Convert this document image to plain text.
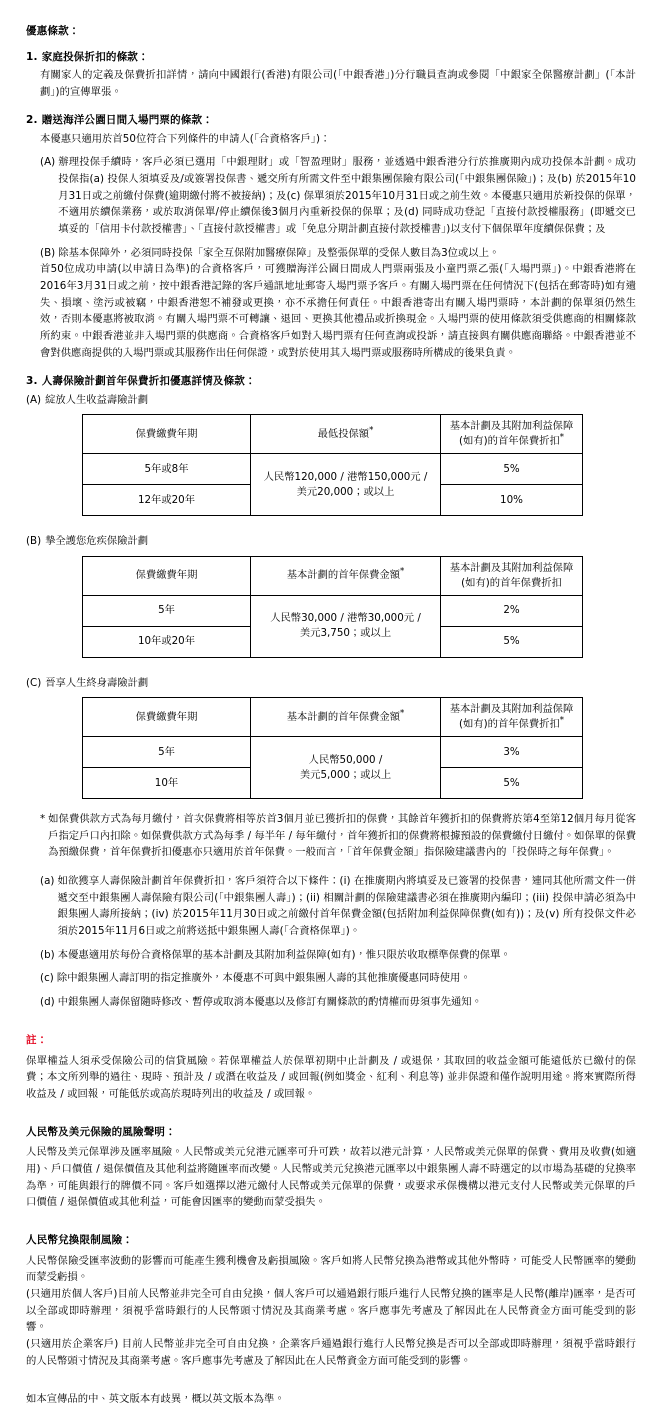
優惠條款：
1. 家庭投保折扣的條款：
有關家人的定義及保費折扣詳情，請向中國銀行(香港)有限公司(「中銀香港」)分行職員查詢或參閱「中銀家全保醫療計劃」(「本計劃」)的宣傳單張。
2. 贈送海洋公園日間入場門票的條款：
本優惠只適用於首50位符合下列條件的申請人(「合資格客戶」)：
(A) 辦理投保手續時，客戶必須已選用「中銀理財」或「智盈理財」服務，並透過中銀香港分行於推廣期內成功投保本計劃。成功投保指(a) 投保人須填妥及/或簽署投保書、遞交所有所需文件至中銀集團保險有限公司(「中銀集團保險」)；及(b) 於2015年10月31日或之前繳付保費(逾期繳付將不被接納)；及(c) 保單須於2015年10月31日或之前生效。本優惠只適用於新投保的保單，不適用於續保業務，或於取消保單/停止續保後3個月內重新投保的保單；及(d) 同時成功登記「直接付款授權服務」(即遞交已填妥的「信用卡付款授權書」、「直接付款授權書」或「免息分期計劃直接付款授權書」)以支付下個保單年度續保保費；及
(B) 除基本保障外，必須同時投保「家全互保附加醫療保障」及整張保單的受保人數目為3位或以上。
首50位成功申請(以申請日為準)的合資格客戶，可獲贈海洋公園日間成人門票兩張及小童門票乙張(「入場門票」)。中銀香港將在2016年3月31日或之前，按中銀香港記錄的客戶通訊地址郵寄入場門票予客戶。有關入場門票在任何情況下(包括在郵寄時)如有遺失、損壞、塗污或被竊，中銀香港恕不補發或更換，亦不承擔任何責任。中銀香港寄出有關入場門票時，本計劃的保單須仍然生效，否則本優惠將被取消。有關入場門票不可轉讓、退回、更換其他禮品或折換現金。入場門票的使用條款須受供應商的相關條款所約束。中銀香港並非入場門票的供應商。合資格客戶如對入場門票有任何查詢或投訴，請直接與有關供應商聯絡。中銀香港並不會對供應商提供的入場門票或其服務作出任何保證，或對於使用其入場門票或服務時所構成的後果負責。
3. 人壽保險計劃首年保費折扣優惠詳情及條款：
(A) 綻放人生收益壽險計劃
保費繳費年期	最低投保額*	基本計劃及其附加利益保障
(如有)的首年保費折扣*
5年或8年	人民幣120,000 / 港幣150,000元 /
美元20,000；或以上	5%
12年或20年		10%
(B) 摯全護您危疾保險計劃
保費繳費年期	基本計劃的首年保費金額*	基本計劃及其附加利益保障
(如有)的首年保費折扣
5年	人民幣30,000 / 港幣30,000元 /
美元3,750；或以上	2%
10年或20年		5%
(C) 晉享人生終身壽險計劃
保費繳費年期	基本計劃的首年保費金額*	基本計劃及其附加利益保障
(如有)的首年保費折扣*
5年	人民幣50,000 /
美元5,000；或以上	3%
10年		5%
* 如保費供款方式為每月繳付，首次保費將相等於首3個月並已獲折扣的保費，其餘首年獲折扣的保費將於第4至第12個月每月從客戶指定戶口內扣除。如保費供款方式為每季 / 每半年 / 每年繳付，首年獲折扣的保費將根據預設的保費繳付日繳付。如保單的保費為預繳保費，首年保費折扣優惠亦只適用於首年保費。一般而言，「首年保費金額」指保險建議書內的「投保時之每年保費」。
(a) 如欲獲享人壽保險計劃首年保費折扣，客戶須符合以下條件：(i) 在推廣期內將填妥及已簽署的投保書，連同其他所需文件一併遞交至中銀集團人壽保險有限公司(「中銀集團人壽」)；(ii) 相關計劃的保險建議書必須在推廣期內編印；(iii) 投保申請必須為中銀集團人壽所接納；(iv) 於2015年11月30日或之前繳付首年保費金額(包括附加利益保障保費(如有))；及(v) 所有投保文件必須於2015年11月6日或之前將送抵中銀集團人壽(「合資格保單」)。
(b) 本優惠適用於每份合資格保單的基本計劃及其附加利益保障(如有)，惟只限於收取標準保費的保單。
(c) 除中銀集團人壽訂明的指定推廣外，本優惠不可與中銀集團人壽的其他推廣優惠同時使用。
(d) 中銀集團人壽保留隨時修改、暫停或取消本優惠以及修訂有關條款的酌情權而毋須事先通知。
註：
保單權益人須承受保險公司的信貸風險。若保單權益人於保單初期中止計劃及 / 或退保，其取回的收益金額可能遠低於已繳付的保費；本文所列舉的過往、現時、預計及 / 或潛在收益及 / 或回報(例如獎金、紅利、利息等) 並非保證和僅作說明用途。將來實際所得收益及 / 或回報，可能低於或高於現時列出的收益及 / 或回報。
人民幣及美元保險的風險聲明：
人民幣及美元保單涉及匯率風險。人民幣或美元兌港元匯率可升可跌，故若以港元計算，人民幣或美元保單的保費、費用及收費(如適用)、戶口價值 / 退保價值及其他利益將隨匯率而改變。人民幣或美元兌換港元匯率以中銀集團人壽不時選定的以市場為基礎的兌換率為準，可能與銀行的牌價不同。客戶如選擇以港元繳付人民幣或美元保單的保費，或要求承保機構以港元支付人民幣或美元保單的戶口價值 / 退保價值或其他利益，可能會因匯率的變動而蒙受損失。
人民幣兌換限制風險：
人民幣保險受匯率波動的影響而可能產生獲利機會及虧損風險。客戶如將人民幣兌換為港幣或其他外幣時，可能受人民幣匯率的變動而蒙受虧損。
(只適用於個人客戶)目前人民幣並非完全可自由兌換，個人客戶可以通過銀行賬戶進行人民幣兌換的匯率是人民幣(離岸)匯率，是否可以全部或即時辦理，須視乎當時銀行的人民幣頭寸情況及其商業考慮。客戶應事先考慮及了解因此在人民幣資金方面可能受到的影響。
(只適用於企業客戶) 目前人民幣並非完全可自由兌換，企業客戶通過銀行進行人民幣兌換是否可以全部或即時辦理，須視乎當時銀行的人民幣頭寸情況及其商業考慮。客戶應事先考慮及了解因此在人民幣資金方面可能受到的影響。
如本宣傳品的中、英文版本有歧異，概以英文版本為準。
